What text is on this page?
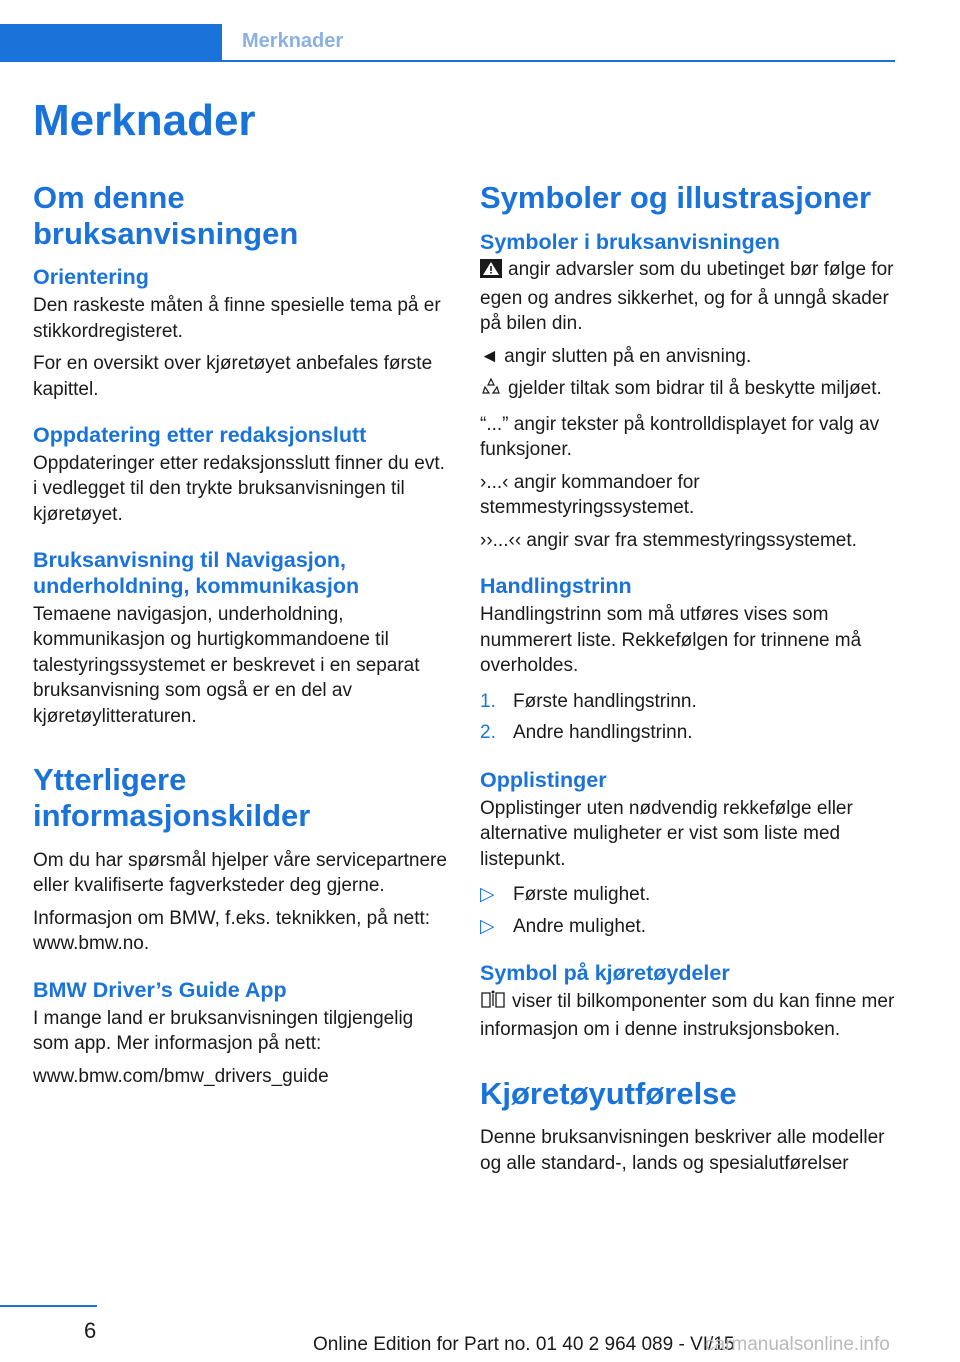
Merknader
Merknader
Om denne bruksanvisningen
Orientering

Den raskeste måten å finne spesielle tema på er stikkordregisteret.

For en oversikt over kjøretøyet anbefales første kapittel.

Oppdatering etter redaksjonslutt

Oppdateringer etter redaksjonsslutt finner du evt. i vedlegget til den trykte bruksanvisningen til kjøretøyet.

Bruksanvisning til Navigasjon, underholdning, kommunikasjon

Temaene navigasjon, underholdning, kommunikasjon og hurtigkommandoene til talestyringssystemet er beskrevet i en separat bruksanvisning som også er en del av kjøretøylitteraturen.

Ytterligere informasjonskilder

Om du har spørsmål hjelper våre servicepartnere eller kvalifiserte fagverksteder deg gjerne.

Informasjon om BMW, f.eks. teknikken, på nett: www.bmw.no.

BMW Driver’s Guide App

I mange land er bruksanvisningen tilgjengelig som app. Mer informasjon på nett:

www.bmw.com/bmw_drivers_guide

Symboler og illustrasjoner
Symboler i bruksanvisningen

angir advarsler som du ubetinget bør følge for egen og andres sikkerhet, og for å unngå skader på bilen din.

◄ angir slutten på en anvisning.

gjelder tiltak som bidrar til å beskytte miljøet.

“...” angir tekster på kontrolldisplayet for valg av funksjoner.

›...‹ angir kommandoer for stemmestyringssystemet.

››...‹‹ angir svar fra stemmestyringssystemet.

Handlingstrinn

Handlingstrinn som må utføres vises som nummerert liste. Rekkefølgen for trinnene må overholdes.

1. Første handlingstrinn.
2. Andre handlingstrinn.
Opplistinger

Opplistinger uten nødvendig rekkefølge eller alternative muligheter er vist som liste med listepunkt.

▷ Første mulighet.
▷ Andre mulighet.
Symbol på kjøretøydeler

viser til bilkomponenter som du kan finne mer informasjon om i denne instruksjonsboken.

Kjøretøyutførelse

Denne bruksanvisningen beskriver alle modeller og alle standard-, lands og spesialutførelser

6
Online Edition for Part no. 01 40 2 964 089 - VI/15
carmanualsonline.info
